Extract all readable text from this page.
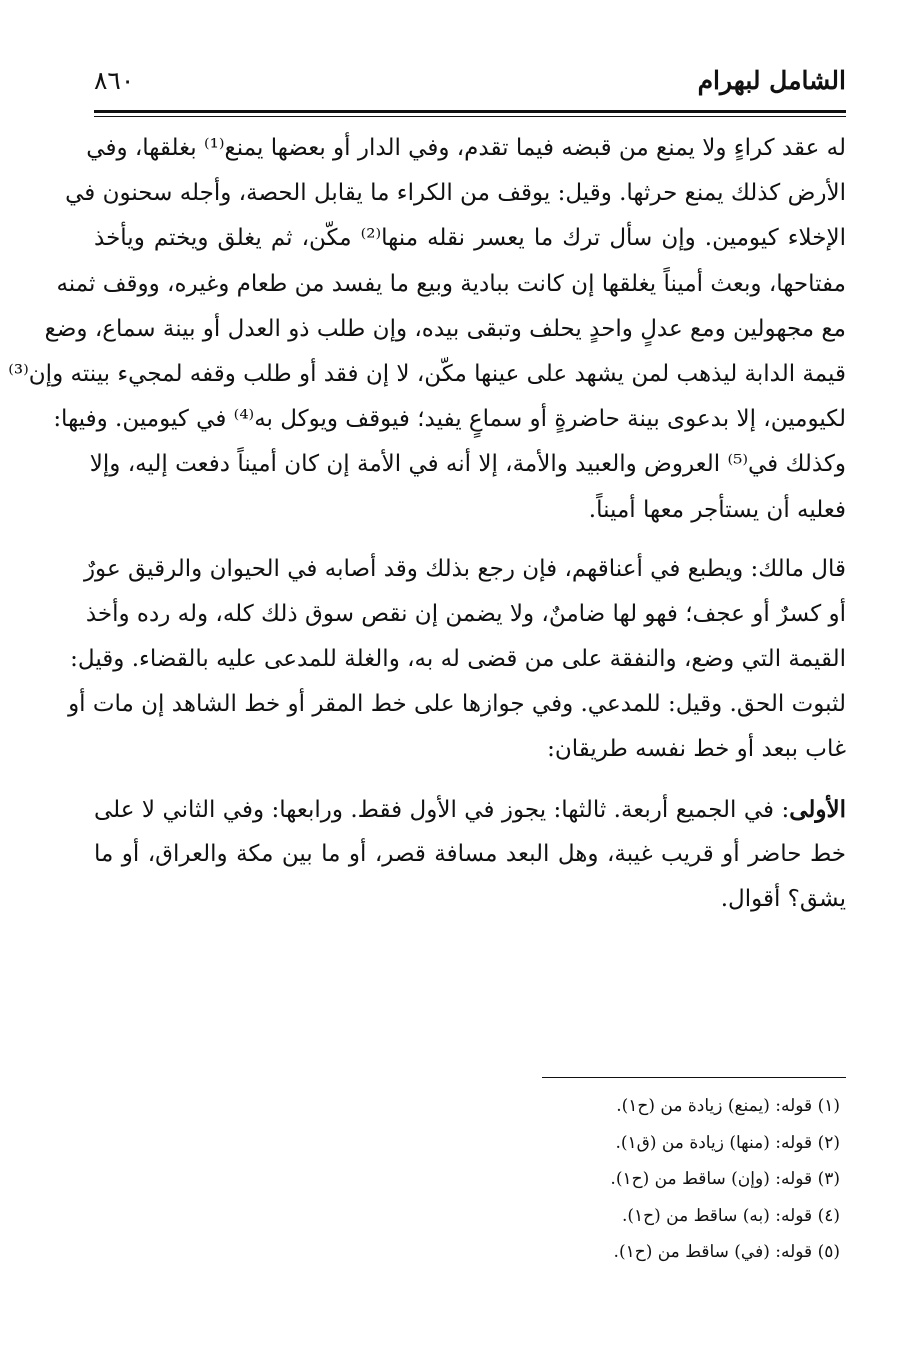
٨٦٠	الشامل لبهرام
له عقد كراءٍ ولا يمنع من قبضه فيما تقدم، وفي الدار أو بعضها يمنع⁽¹⁾ بغلقها، وفي
الأرض كذلك يمنع حرثها. وقيل: يوقف من الكراء ما يقابل الحصة، وأجله سحنون في
الإخلاء كيومين. وإن سأل ترك ما يعسر نقله منها⁽²⁾ مكّن، ثم يغلق ويختم ويأخذ
مفتاحها، وبعث أميناً يغلقها إن كانت ببادية وبيع ما يفسد من طعام وغيره، ووقف ثمنه
مع مجهولين ومع عدلٍ واحدٍ يحلف وتبقى بيده، وإن طلب ذو العدل أو بينة سماع، وضع
قيمة الدابة ليذهب لمن يشهد على عينها مكّن، لا إن فقد أو طلب وقفه لمجيء بينته وإن⁽³⁾
لكيومين، إلا بدعوى بينة حاضرةٍ أو سماعٍ يفيد؛ فيوقف ويوكل به⁽⁴⁾ في كيومين. وفيها:
وكذلك في⁽⁵⁾ العروض والعبيد والأمة، إلا أنه في الأمة إن كان أميناً دفعت إليه، وإلا
فعليه أن يستأجر معها أميناً.
قال مالك: ويطبع في أعناقهم، فإن رجع بذلك وقد أصابه في الحيوان والرقيق عورٌ
أو كسرٌ أو عجف؛ فهو لها ضامنٌ، ولا يضمن إن نقص سوق ذلك كله، وله رده وأخذ
القيمة التي وضع، والنفقة على من قضى له به، والغلة للمدعى عليه بالقضاء. وقيل:
لثبوت الحق. وقيل: للمدعي. وفي جوازها على خط المقر أو خط الشاهد إن مات أو
غاب ببعد أو خط نفسه طريقان:
الأولى: في الجميع أربعة. ثالثها: يجوز في الأول فقط. ورابعها: وفي الثاني لا على
خط حاضر أو قريب غيبة، وهل البعد مسافة قصر، أو ما بين مكة والعراق، أو ما
يشق؟ أقوال.
(١) قوله: (يمنع) زيادة من (ح١).
(٢) قوله: (منها) زيادة من (ق١).
(٣) قوله: (وإن) ساقط من (ح١).
(٤) قوله: (به) ساقط من (ح١).
(٥) قوله: (في) ساقط من (ح١).
